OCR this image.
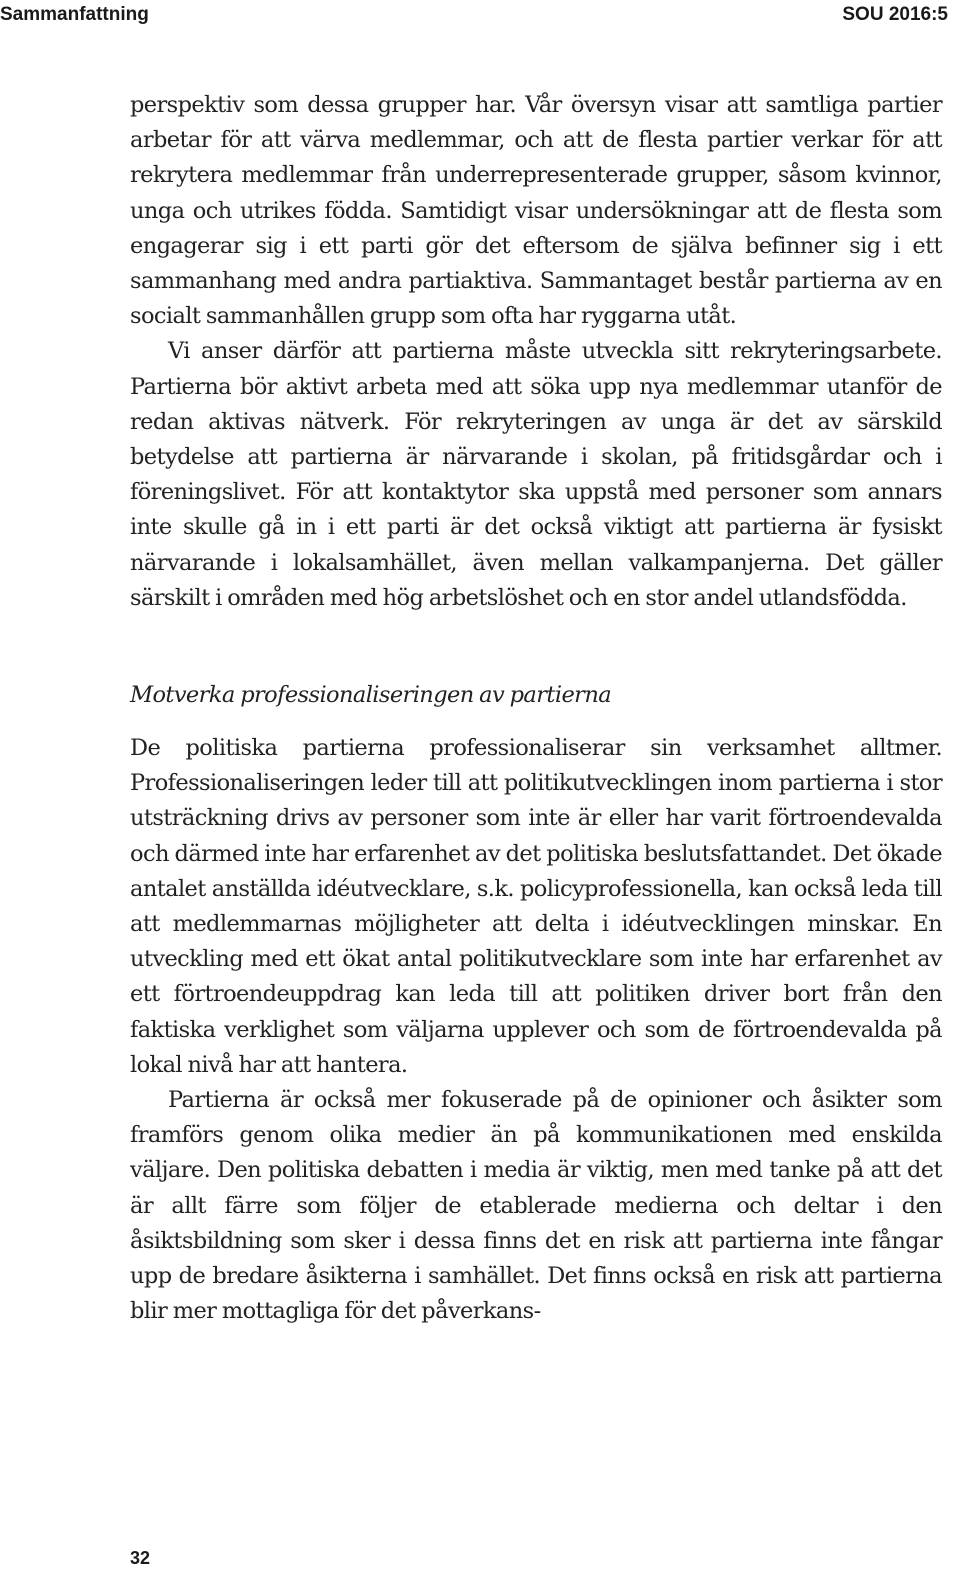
Sammanfattning	SOU 2016:5

perspektiv som dessa grupper har. Vår översyn visar att samtliga partier arbetar för att värva medlemmar, och att de flesta partier verkar för att rekrytera medlemmar från underrepresenterade grupper, såsom kvinnor, unga och utrikes födda. Samtidigt visar undersökningar att de flesta som engagerar sig i ett parti gör det eftersom de själva befinner sig i ett sammanhang med andra partiaktiva. Sammantaget består partierna av en socialt sammanhållen grupp som ofta har ryggarna utåt.

Vi anser därför att partierna måste utveckla sitt rekryteringsarbete. Partierna bör aktivt arbeta med att söka upp nya medlemmar utanför de redan aktivas nätverk. För rekryteringen av unga är det av särskild betydelse att partierna är närvarande i skolan, på fritidsgårdar och i föreningslivet. För att kontaktytor ska uppstå med personer som annars inte skulle gå in i ett parti är det också viktigt att partierna är fysiskt närvarande i lokalsamhället, även mellan valkampanjerna. Det gäller särskilt i områden med hög arbetslöshet och en stor andel utlandsfödda.

Motverka professionaliseringen av partierna

De politiska partierna professionaliserar sin verksamhet alltmer. Professionaliseringen leder till att politikutvecklingen inom partierna i stor utsträckning drivs av personer som inte är eller har varit förtroendevalda och därmed inte har erfarenhet av det politiska beslutsfattandet. Det ökade antalet anställda idéutvecklare, s.k. policyprofessionella, kan också leda till att medlemmarnas möjligheter att delta i idéutvecklingen minskar. En utveckling med ett ökat antal politikutvecklare som inte har erfarenhet av ett förtroendeuppdrag kan leda till att politiken driver bort från den faktiska verklighet som väljarna upplever och som de förtroendevalda på lokal nivå har att hantera.

Partierna är också mer fokuserade på de opinioner och åsikter som framförs genom olika medier än på kommunikationen med enskilda väljare. Den politiska debatten i media är viktig, men med tanke på att det är allt färre som följer de etablerade medierna och deltar i den åsiktsbildning som sker i dessa finns det en risk att partierna inte fångar upp de bredare åsikterna i samhället. Det finns också en risk att partierna blir mer mottagliga för det påverkans-

32
